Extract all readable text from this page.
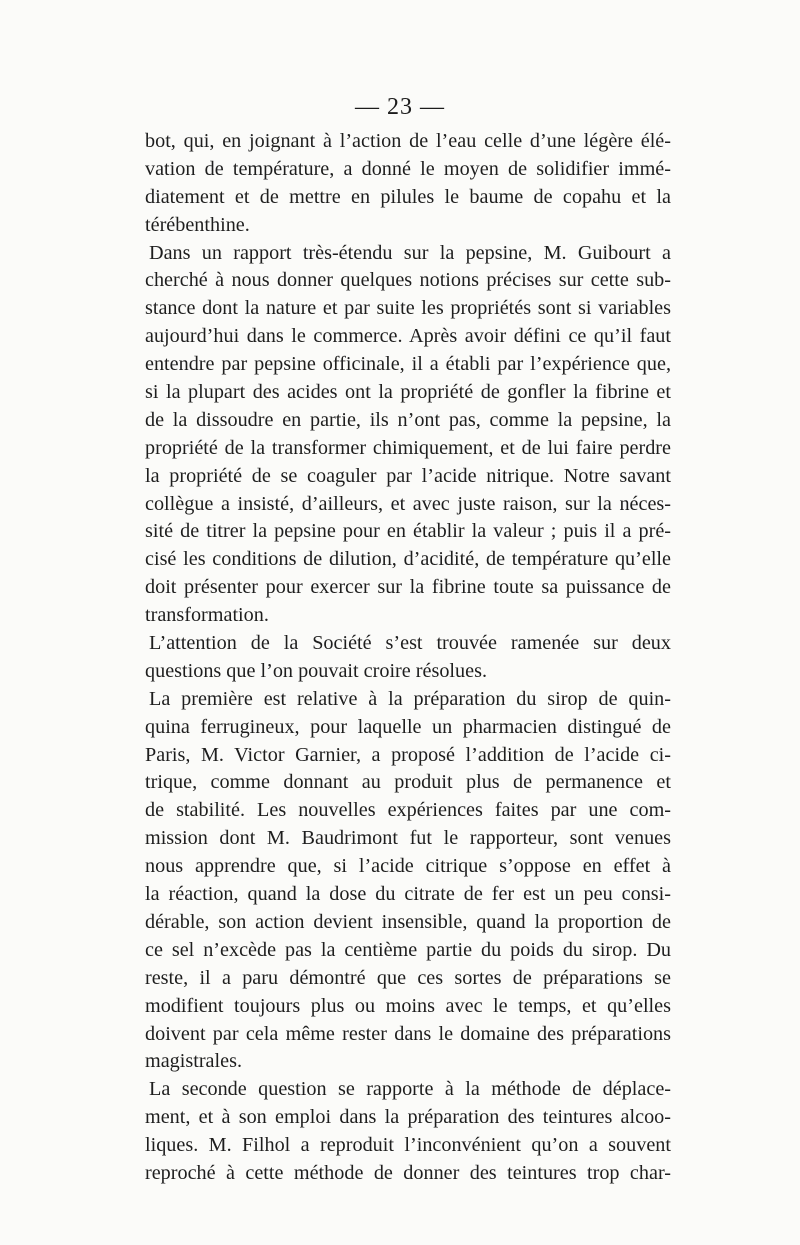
— 23 —
bot, qui, en joignant à l’action de l’eau celle d’une légère élé-
vation de température, a donné le moyen de solidifier immé-
diatement et de mettre en pilules le baume de copahu et la
térébenthine.
Dans un rapport très-étendu sur la pepsine, M. Guibourt a
cherché à nous donner quelques notions précises sur cette sub-
stance dont la nature et par suite les propriétés sont si variables
aujourd’hui dans le commerce. Après avoir défini ce qu’il faut
entendre par pepsine officinale, il a établi par l’expérience que,
si la plupart des acides ont la propriété de gonfler la fibrine et
de la dissoudre en partie, ils n’ont pas, comme la pepsine, la
propriété de la transformer chimiquement, et de lui faire perdre
la propriété de se coaguler par l’acide nitrique. Notre savant
collègue a insisté, d’ailleurs, et avec juste raison, sur la néces-
sité de titrer la pepsine pour en établir la valeur ; puis il a pré-
cisé les conditions de dilution, d’acidité, de température qu’elle
doit présenter pour exercer sur la fibrine toute sa puissance de
transformation.
L’attention de la Société s’est trouvée ramenée sur deux
questions que l’on pouvait croire résolues.
La première est relative à la préparation du sirop de quin-
quina ferrugineux, pour laquelle un pharmacien distingué de
Paris, M. Victor Garnier, a proposé l’addition de l’acide ci-
trique, comme donnant au produit plus de permanence et
de stabilité. Les nouvelles expériences faites par une com-
mission dont M. Baudrimont fut le rapporteur, sont venues
nous apprendre que, si l’acide citrique s’oppose en effet à
la réaction, quand la dose du citrate de fer est un peu consi-
dérable, son action devient insensible, quand la proportion de
ce sel n’excède pas la centième partie du poids du sirop. Du
reste, il a paru démontré que ces sortes de préparations se
modifient toujours plus ou moins avec le temps, et qu’elles
doivent par cela même rester dans le domaine des préparations
magistrales.
La seconde question se rapporte à la méthode de déplace-
ment, et à son emploi dans la préparation des teintures alcoo-
liques. M. Filhol a reproduit l’inconvénient qu’on a souvent
reproché à cette méthode de donner des teintures trop char-
